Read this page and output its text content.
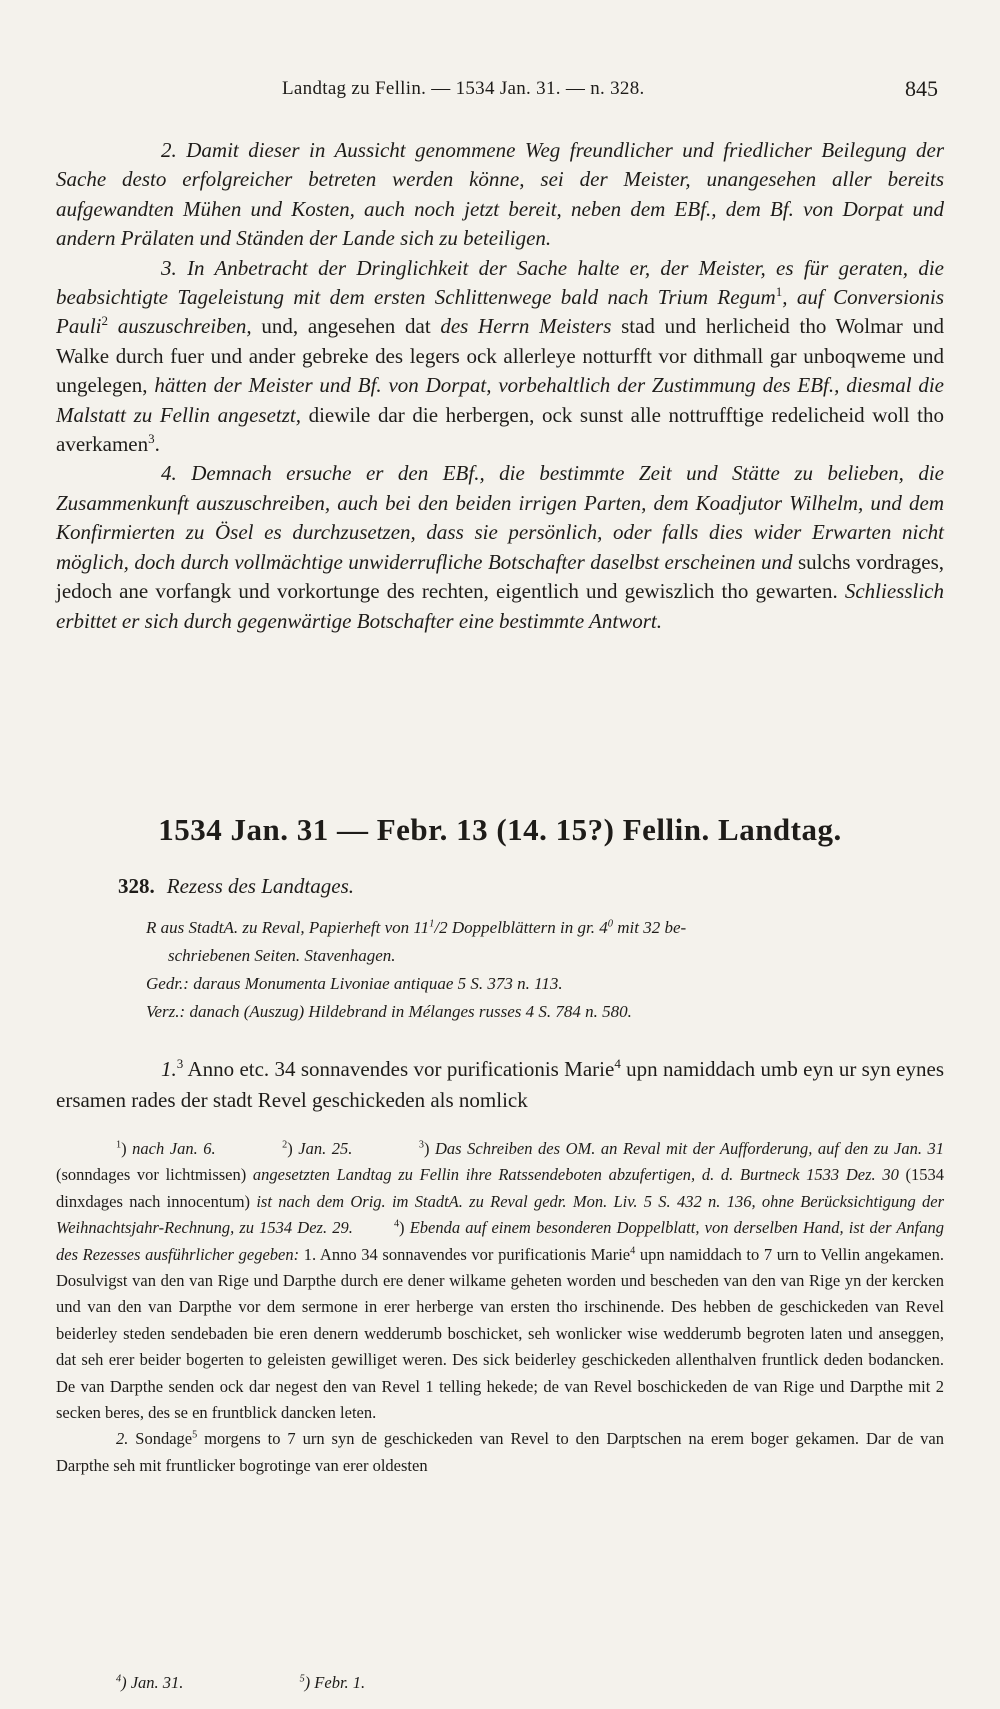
Landtag zu Fellin. — 1534 Jan. 31. — n. 328.	845

2. Damit dieser in Aussicht genommene Weg freundlicher und friedlicher Beilegung der Sache desto erfolgreicher betreten werden könne, sei der Meister, unangesehen aller bereits aufgewandten Mühen und Kosten, auch noch jetzt bereit, neben dem EBf., dem Bf. von Dorpat und andern Prälaten und Ständen der Lande sich zu beteiligen.

3. In Anbetracht der Dringlichkeit der Sache halte er, der Meister, es für geraten, die beabsichtigte Tageleistung mit dem ersten Schlittenwege bald nach Trium Regum$^1$, auf Conversionis Pauli$^2$ auszuschreiben, und, angesehen dat des Herrn Meisters stad und herlicheid tho Wolmar und Walke durch fuer und ander gebreke des legers ock allerleye notturfft vor dithmall gar unboqweme und ungelegen, hätten der Meister und Bf. von Dorpat, vorbehaltlich der Zustimmung des EBf., diesmal die Malstatt zu Fellin angesetzt, diewile dar die herbergen, ock sunst alle nottrufftige redelicheid woll tho averkamen$^3$.

4. Demnach ersuche er den EBf., die bestimmte Zeit und Stätte zu belieben, die Zusammenkunft auszuschreiben, auch bei den beiden irrigen Parten, dem Koadjutor Wilhelm, und dem Konfirmierten zu Ösel es durchzusetzen, dass sie persönlich, oder falls dies wider Erwarten nicht möglich, doch durch vollmächtige unwiderrufliche Botschafter daselbst erscheinen und sulchs vordrages, jedoch ane vorfangk und vorkortunge des rechten, eigentlich und gewiszlich tho gewarten. Schliesslich erbittet er sich durch gegenwärtige Botschafter eine bestimmte Antwort.

1534 Jan. 31 — Febr. 13 (14. 15?) Fellin. Landtag.
328. Rezess des Landtages.

R aus StadtA. zu Reval, Papierheft von $11^1/2$ Doppelblättern in gr. $4^0$ mit 32 be-

schriebenen Seiten. Stavenhagen.

Gedr.: daraus Monumenta Livoniae antiquae 5 S. 373 n. 113.

Verz.: danach (Auszug) Hildebrand in Mélanges russes 4 S. 784 n. 580.

1.$^3$ Anno etc. 34 sonnavendes vor purificationis Marie$^4$ upn namiddach umb eyn ur syn eynes ersamen rades der stadt Revel geschickeden als nomlick

$^1$) nach Jan. 6.	$^2$) Jan. 25.	$^3$) Das Schreiben des OM. an Reval mit der Aufforderung, auf den zu Jan. 31 (sonndages vor lichtmissen) angesetzten Landtag zu Fellin ihre Ratssendeboten abzufertigen, d. d. Burtneck 1533 Dez. 30 (1534 dinxdages nach innocentum) ist nach dem Orig. im StadtA. zu Reval gedr. Mon. Liv. 5 S. 432 n. 136, ohne Berücksichtigung der Weihnachtsjahr-Rechnung, zu 1534 Dez. 29.	$^4$) Ebenda auf einem besonderen Doppelblatt, von derselben Hand, ist der Anfang des Rezesses ausführlicher gegeben: 1. Anno 34 sonnavendes vor purificationis Marie$^4$ upn namiddach to 7 urn to Vellin angekamen. Dosulvigst van den van Rige und Darpthe durch ere dener wilkame geheten worden und bescheden van den van Rige yn der kercken und van den van Darpthe vor dem sermone in erer herberge van ersten tho irschinende. Des hebben de geschickeden van Revel beiderley steden sendebaden bie eren denern wedderumb boschicket, seh wonlicker wise wedderumb begroten laten und anseggen, dat seh erer beider bogerten to geleisten gewilliget weren. Des sick beiderley geschickeden allenthalven fruntlick deden bodancken. De van Darpthe senden ock dar negest den van Revel 1 telling hekede; de van Revel boschickeden de van Rige und Darpthe mit 2 secken beres, des se en fruntblick dancken leten.

2. Sondage$^5$ morgens to 7 urn syn de geschickeden van Revel to den Darptschen na erem boger gekamen. Dar de van Darpthe seh mit fruntlicker bogrotinge van erer oldesten

$^4$) Jan. 31.	$^5$) Febr. 1.
